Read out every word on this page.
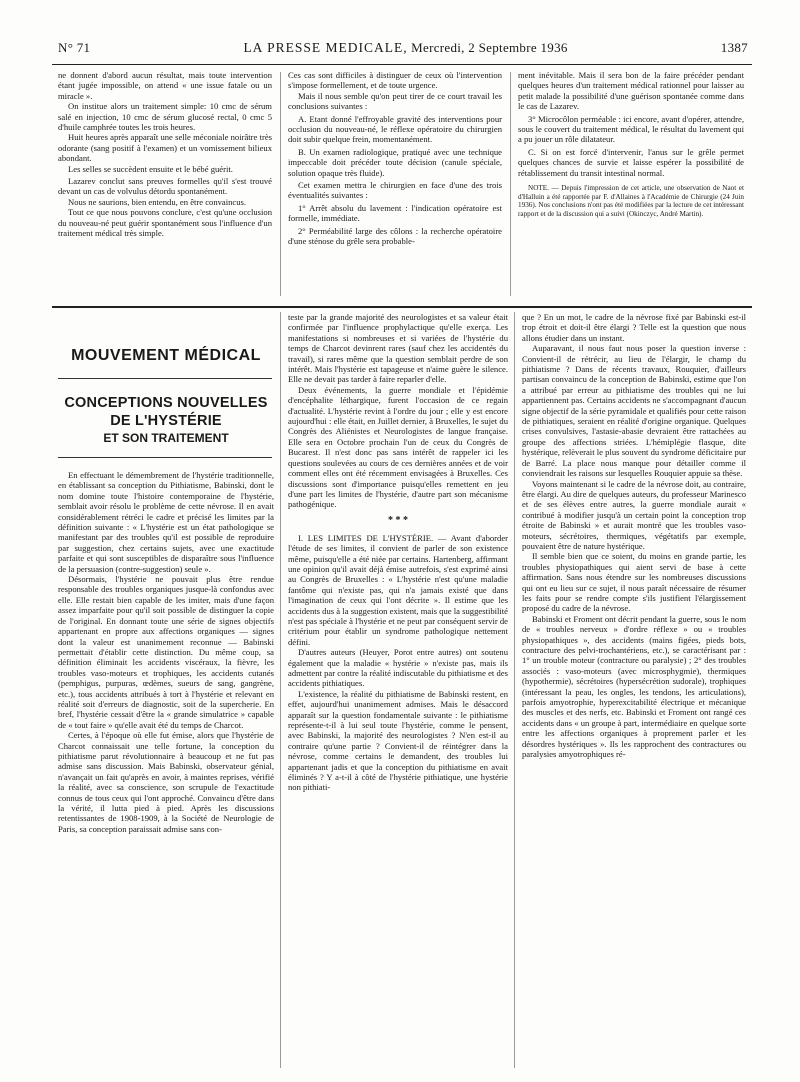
N° 71	LA PRESSE MEDICALE, Mercredi, 2 Septembre 1936	1387

ne donnent d'abord aucun résultat, mais toute intervention étant jugée impossible, on attend « une issue fatale ou un miracle ».

On institue alors un traitement simple: 10 cmc de sérum salé en injection, 10 cmc de sérum glucosé rectal, 0 cmc 5 d'huile camphrée toutes les trois heures.

Huit heures après apparaît une selle méconiale noirâtre très odorante (sang positif à l'examen) et un vomissement bilieux abondant.

Les selles se succèdent ensuite et le bébé guérit.

Lazarev conclut sans preuves formelles qu'il s'est trouvé devant un cas de volvulus détordu spontanément.

Nous ne saurions, bien entendu, en être convaincus.

Tout ce que nous pouvons conclure, c'est qu'une occlusion du nouveau-né peut guérir spontanément sous l'influence d'un traitement médical très simple.

Ces cas sont difficiles à distinguer de ceux où l'intervention s'impose formellement, et de toute urgence.

Mais il nous semble qu'on peut tirer de ce court travail les conclusions suivantes :

A. Etant donné l'effroyable gravité des interventions pour occlusion du nouveau-né, le réflexe opératoire du chirurgien doit subir quelque frein, momentanément.

B. Un examen radiologique, pratiqué avec une technique impeccable doit précéder toute décision (canule spéciale, solution opaque très fluide).

Cet examen mettra le chirurgien en face d'une des trois éventualités suivantes :

1° Arrêt absolu du lavement : l'indication opératoire est formelle, immédiate.

2° Perméabilité large des côlons : la recherche opératoire d'une sténose du grêle sera probable-

ment inévitable. Mais il sera bon de la faire précéder pendant quelques heures d'un traitement médical rationnel pour laisser au petit malade la possibilité d'une guérison spontanée comme dans le cas de Lazarev.

3° Microcôlon perméable : ici encore, avant d'opérer, attendre, sous le couvert du traitement médical, le résultat du lavement qui a pu jouer un rôle dilatateur.

C. Si on est forcé d'intervenir, l'anus sur le grêle permet quelques chances de survie et laisse espérer la possibilité de rétablissement du transit intestinal normal.

NOTE. — Depuis l'impression de cet article, une observation de Naot et d'Halluin a été rapportée par F. d'Allaines à l'Académie de Chirurgie (24 Juin 1936). Nos conclusions n'ont pas été modifiées par la lecture de cet intéressant rapport et de la discussion qui a suivi (Okinczyc, André Martin).

MOUVEMENT MÉDICAL
CONCEPTIONS NOUVELLES
DE L'HYSTÉRIE
ET SON TRAITEMENT

En effectuant le démembrement de l'hystérie traditionnelle, en établissant sa conception du Pithiatisme, Babinski, dont le nom domine toute l'histoire contemporaine de l'hystérie, semblait avoir résolu le problème de cette névrose. Il en avait considérablement rétréci le cadre et précisé les limites par la définition suivante : « L'hystérie est un état pathologique se manifestant par des troubles qu'il est possible de reproduire par suggestion, chez certains sujets, avec une exactitude parfaite et qui sont susceptibles de disparaître sous l'influence de la persuasion (contre-suggestion) seule ».

Désormais, l'hystérie ne pouvait plus être rendue responsable des troubles organiques jusque-là confondus avec elle. Elle restait bien capable de les imiter, mais d'une façon assez imparfaite pour qu'il soit possible de distinguer la copie de l'original. En donnant toute une série de signes objectifs appartenant en propre aux affections organiques — signes dont la valeur est unanimement reconnue — Babinski permettait d'établir cette distinction. Du même coup, sa définition éliminait les accidents viscéraux, la fièvre, les troubles vaso-moteurs et trophiques, les accidents cutanés (pemphigus, purpuras, œdèmes, sueurs de sang, gangrène, etc.), tous accidents attribués à tort à l'hystérie et relevant en réalité soit d'erreurs de diagnostic, soit de la supercherie. En bref, l'hystérie cessait d'être la « grande simulatrice » capable de « tout faire » qu'elle avait été du temps de Charcot.

Certes, à l'époque où elle fut émise, alors que l'hystérie de Charcot connaissait une telle fortune, la conception du pithiatisme parut révolutionnaire à beaucoup et ne fut pas admise sans discussion. Mais Babinski, observateur génial, n'avançait un fait qu'après en avoir, à maintes reprises, vérifié la réalité, avec sa conscience, son scrupule de l'exactitude connus de tous ceux qui l'ont approché. Convaincu d'être dans la vérité, il lutta pied à pied. Après les discussions retentissantes de 1908-1909, à la Société de Neurologie de Paris, sa conception paraissait admise sans con-

teste par la grande majorité des neurologistes et sa valeur était confirmée par l'influence prophylactique qu'elle exerça. Les manifestations si nombreuses et si variées de l'hystérie du temps de Charcot devinrent rares (sauf chez les accidentés du travail), si rares même que la question semblait perdre de son intérêt. Mais l'hystérie est tapageuse et n'aime guère le silence. Elle ne devait pas tarder à faire reparler d'elle.

Deux événements, la guerre mondiale et l'épidémie d'encéphalite léthargique, furent l'occasion de ce regain d'actualité. L'hystérie revint à l'ordre du jour ; elle y est encore aujourd'hui : elle était, en Juillet dernier, à Bruxelles, le sujet du Congrès des Aliénistes et Neurologistes de langue française. Elle sera en Octobre prochain l'un de ceux du Congrès de Bucarest. Il n'est donc pas sans intérêt de rappeler ici les questions soulevées au cours de ces dernières années et de voir comment elles ont été récemment envisagées à Bruxelles. Ces discussions sont d'importance puisqu'elles remettent en jeu d'une part les limites de l'hystérie, d'autre part son mécanisme pathogénique.

* * *

I. LES LIMITES DE L'HYSTÉRIE. — Avant d'aborder l'étude de ses limites, il convient de parler de son existence même, puisqu'elle a été niée par certains. Hartenberg, affirmant une opinion qu'il avait déjà émise autrefois, s'est exprimé ainsi au Congrès de Bruxelles : « L'hystérie n'est qu'une maladie fantôme qui n'existe pas, qui n'a jamais existé que dans l'imagination de ceux qui l'ont décrite ». Il estime que les accidents dus à la suggestion existent, mais que la suggestibilité n'est pas spéciale à l'hystérie et ne peut par conséquent servir de critérium pour établir un syndrome pathologique nettement défini.

D'autres auteurs (Heuyer, Porot entre autres) ont soutenu également que la maladie « hystérie » n'existe pas, mais ils admettent par contre la réalité indiscutable du pithiatisme et des accidents pithiatiques.

L'existence, la réalité du pithiatisme de Babinski restent, en effet, aujourd'hui unanimement admises. Mais le désaccord apparaît sur la question fondamentale suivante : le pithiatisme représente-t-il à lui seul toute l'hystérie, comme le pensent, avec Babinski, la majorité des neurologistes ? N'en est-il au contraire qu'une partie ? Convient-il de réintégrer dans la névrose, comme certains le demandent, des troubles lui appartenant jadis et que la conception du pithiatisme en avait éliminés ? Y a-t-il à côté de l'hystérie pithiatique, une hystérie non pithiati-

que ? En un mot, le cadre de la névrose fixé par Babinski est-il trop étroit et doit-il être élargi ? Telle est la question que nous allons étudier dans un instant.

Auparavant, il nous faut nous poser la question inverse : Convient-il de rétrécir, au lieu de l'élargir, le champ du pithiatisme ? Dans de récents travaux, Rouquier, d'ailleurs partisan convaincu de la conception de Babinski, estime que l'on a attribué par erreur au pithiatisme des troubles qui ne lui appartiennent pas. Certains accidents ne s'accompagnant d'aucun signe objectif de la série pyramidale et qualifiés pour cette raison de pithiatiques, seraient en réalité d'origine organique. Quelques crises convulsives, l'astasie-abasie devraient être rattachées au groupe des affections striées. L'hémiplégie flasque, dite hystérique, relèverait le plus souvent du syndrome déficitaire pur de Barré. La place nous manque pour détailler comme il conviendrait les raisons sur lesquelles Rouquier appuie sa thèse.

Voyons maintenant si le cadre de la névrose doit, au contraire, être élargi. Au dire de quelques auteurs, du professeur Marinesco et de ses élèves entre autres, la guerre mondiale aurait « contribué à modifier jusqu'à un certain point la conception trop étroite de Babinski » et aurait montré que les troubles vaso-moteurs, sécrétoires, thermiques, végétatifs par exemple, pouvaient être de nature hystérique.

Il semble bien que ce soient, du moins en grande partie, les troubles physiopathiques qui aient servi de base à cette affirmation. Sans nous étendre sur les nombreuses discussions qui ont eu lieu sur ce sujet, il nous paraît nécessaire de résumer les faits pour se rendre compte s'ils justifient l'élargissement proposé du cadre de la névrose.

Babinski et Froment ont décrit pendant la guerre, sous le nom de « troubles nerveux » d'ordre réflexe » ou « troubles physiopathiques », des accidents (mains figées, pieds bots, contracture des pelvi-trochantériens, etc.), se caractérisant par : 1° un trouble moteur (contracture ou paralysie) ; 2° des troubles associés : vaso-moteurs (avec microsphygmie), thermiques (hypothermie), sécrétoires (hypersécrétion sudorale), trophiques (intéressant la peau, les ongles, les tendons, les articulations), parfois amyotrophie, hyperexcitabilité électrique et mécanique des muscles et des nerfs, etc. Babinski et Froment ont rangé ces accidents dans « un groupe à part, intermédiaire en quelque sorte entre les affections organiques à proprement parler et les désordres hystériques ». Ils les rapprochent des contractures ou paralysies amyotrophiques ré-
